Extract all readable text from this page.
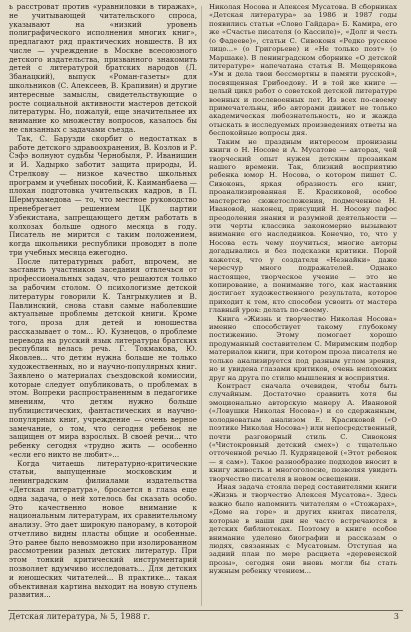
ь расстроват против «уравниловки в тиражах», не учитывающей читательского спроса, указывают на «низкий уровень полиграфического исполнения многих книг», предлагают ряд практических новшеств. В их числе — учреждение в Москве всесоюзного детского издательства, призванного знакомить детей с литературой братских народов (Л. Збанацкий), выпуск «Роман-газеты» для школьников (С. Алексеев, В. Крапивин) и другие интересные замыслы, свидетельствующие о росте социальной активности мастеров детской литературы. Но, пожалуй, еще значительнее их внимание ко множеству вопросов, казалось бы не связанных с задачами съезда.

Так, С. Барузди скорбит о недостатках в работе детского здравоохранения, В. Козлов и Р. Сэфэ волнуют судьбы Чернобыля, Р. Иванишин и И. Хадырко заботит защита природы, И. Стрелкову — низкое качество школьных программ и учебных пособий, К. Каиманбаева — плохая подготовка учительских кадров, в П. Шермухамедова — то, что местное руководство пренебрегает решением ЦК партии Узбекистана, запрещающего детям работать в колхозах больше одного месяца в году. Писатель не мирится с таким положением, когда школьники республики проводят в поле три учебных месяца ежегодно.

После литературных работ, впрочем, не заставить участников заседания отвлечься от профессиональных задач, что решаются только за рабочим столом. О психологизме детской литературы говорили К. Тангрыкулиев и В. Павлинский, снова ставя самые наболевшие актуальные проблемы детской книги. Кроме того, проза для детей и юношества рассказывает о том... Ю. Кузнецов, о проблеме перевода на русский язык литературы братских республик велась речь. Г. Токмакова, Ю. Яковлев... что детям нужна больше не только художественных, но и научно-популярных книг. Заявлено о материалах съездовской комиссии, которые следует опубликовать, о проблемах в этом. Вопреки распространенным в педагогике мнениям, что детям нужно больше публицистических, фантастических и научно-популярных книг, учреждение — очень верное замечание, о том, что сегодня ребенок не защищен от мира взрослых. В своей речи... что ребенку сегодня «трудно жить — особенно «если его никто не любит»...

Когда читаешь литературно-критические статьи, выпущенные московским и ленинградским филиалами издательства «Детская литература», бросается в глаза еще одна задача, о ней хотелось бы сказать особо. Это качественно новое внимание к национальным литературам, их сравнительному анализу. Это дает широкую панораму, в которой отчетливо видны пласты общие и особенные. Это ранее было невозможно при изолированном рассмотрении разных детских литератур. При этом тонкий критический инструментарий позволяет вдумчиво исследовать... Для детских и юношеских читателей... В практике... такая объективная картина выходит на новую ступень развития...

Николая Носова и Алексея Мусатова. В сборниках «Детская литература» за 1986 и 1987 годы появились статьи «Слово Гайдара» Б. Камира, его же «Счастье писателя (о Кассиле)», «Долг и честь (о Фадееве)», статьи С. Сивоконя «Редко русское лицо...» (о Григорьеве) и «Не только поэт» (о Маршаке). В ленинградском сборнике «О детской литературе» напечатана статья В. Мещерякова «Ум и дела твои бессмертны в памяти русской», посвященная Грибоедову. И в той же книге — целый цикл работ о советской детской литературе военных и послевоенных лет. Из всех по-своему примечательны, ибо авторами движет не только академическая любознательность, но и жажда отыскать в исследуемых произведениях ответы на беспокойные вопросы дня.

Таким не праздным интересом пронизаны книги о Н. Носове и А. Мусатове — авторах, чей творческий опыт нужен детским прозаикам нашего времени. Так, близкий восприятию ребенка юмор Н. Носова, о котором пишет С. Сивоконь, яркая образность его книг, проанализированная Е. Красиковой, особое мастерство сюжетосложения, подмеченное Н. Ивановой, наконец, присущий Н. Носову пафос преодоления знания и разумной деятельности — эти черты классика закономерно вызывают внимание его наследников. Конечно, то, что у Носова есть чему поучиться, многие авторы догадывались и без подсказки критики. Порой кажется, что у создателя «Незнайки» даже чересчур много подражателей. Однако настоящее, творческое учение — это не копирование, а понимание того, как наставник достигает художественного результата, которое приходит к тем, кто способен усвоить от мастера главный урок: делать по-своему.

Книга «Жизнь и творчество Николая Носова» именно способствует такому глубокому постижению. Этому помогает хорошо продуманный составителем С. Миримским подбор материалов книги, при котором проза писателя не только анализируется под разным углом зрения, но и увидена глазами критиков, очень непохожих друг на друга по стилю мышления и восприятия.

Контраст сначала очевиден, чтобы быть случайным. Достаточно сравнить хотя бы эмоционально авторскую манеру А. Ивановой («Ловушки Николая Носова») и со сдержанным, холодноватым анализом Е. Красиковой («О поэтике Николая Носова») или непосредственный, почти разговорный стиль С. Сивоконя («Чистокровный детский смех») с тщательно отточенной речью Л. Кудрявцевой («Этот ребенок — я сам»). Такое разнообразие подходов вносит в книгу живость и многоголосие, позволяя увидеть творчество писателя в новом освещении.

Иная задача стояла перед составителями книги «Жизнь и творчество Алексея Мусатова». Здесь важно было напомнить читателям о «Стожарах», «Доме на горе» и других книгах писателя, которые в наши дни не часто встречаются в детских библиотеках. Поэтому в книге особое внимание уделено биографии и рассказам о людях, связанных с Мусатовым. Отступая на задний план по мере расцвета «деревенской прозы», сегодня они вновь могли бы стать нужным ребенку чтением...

Детская литература, № 5, 1988 г.	3
